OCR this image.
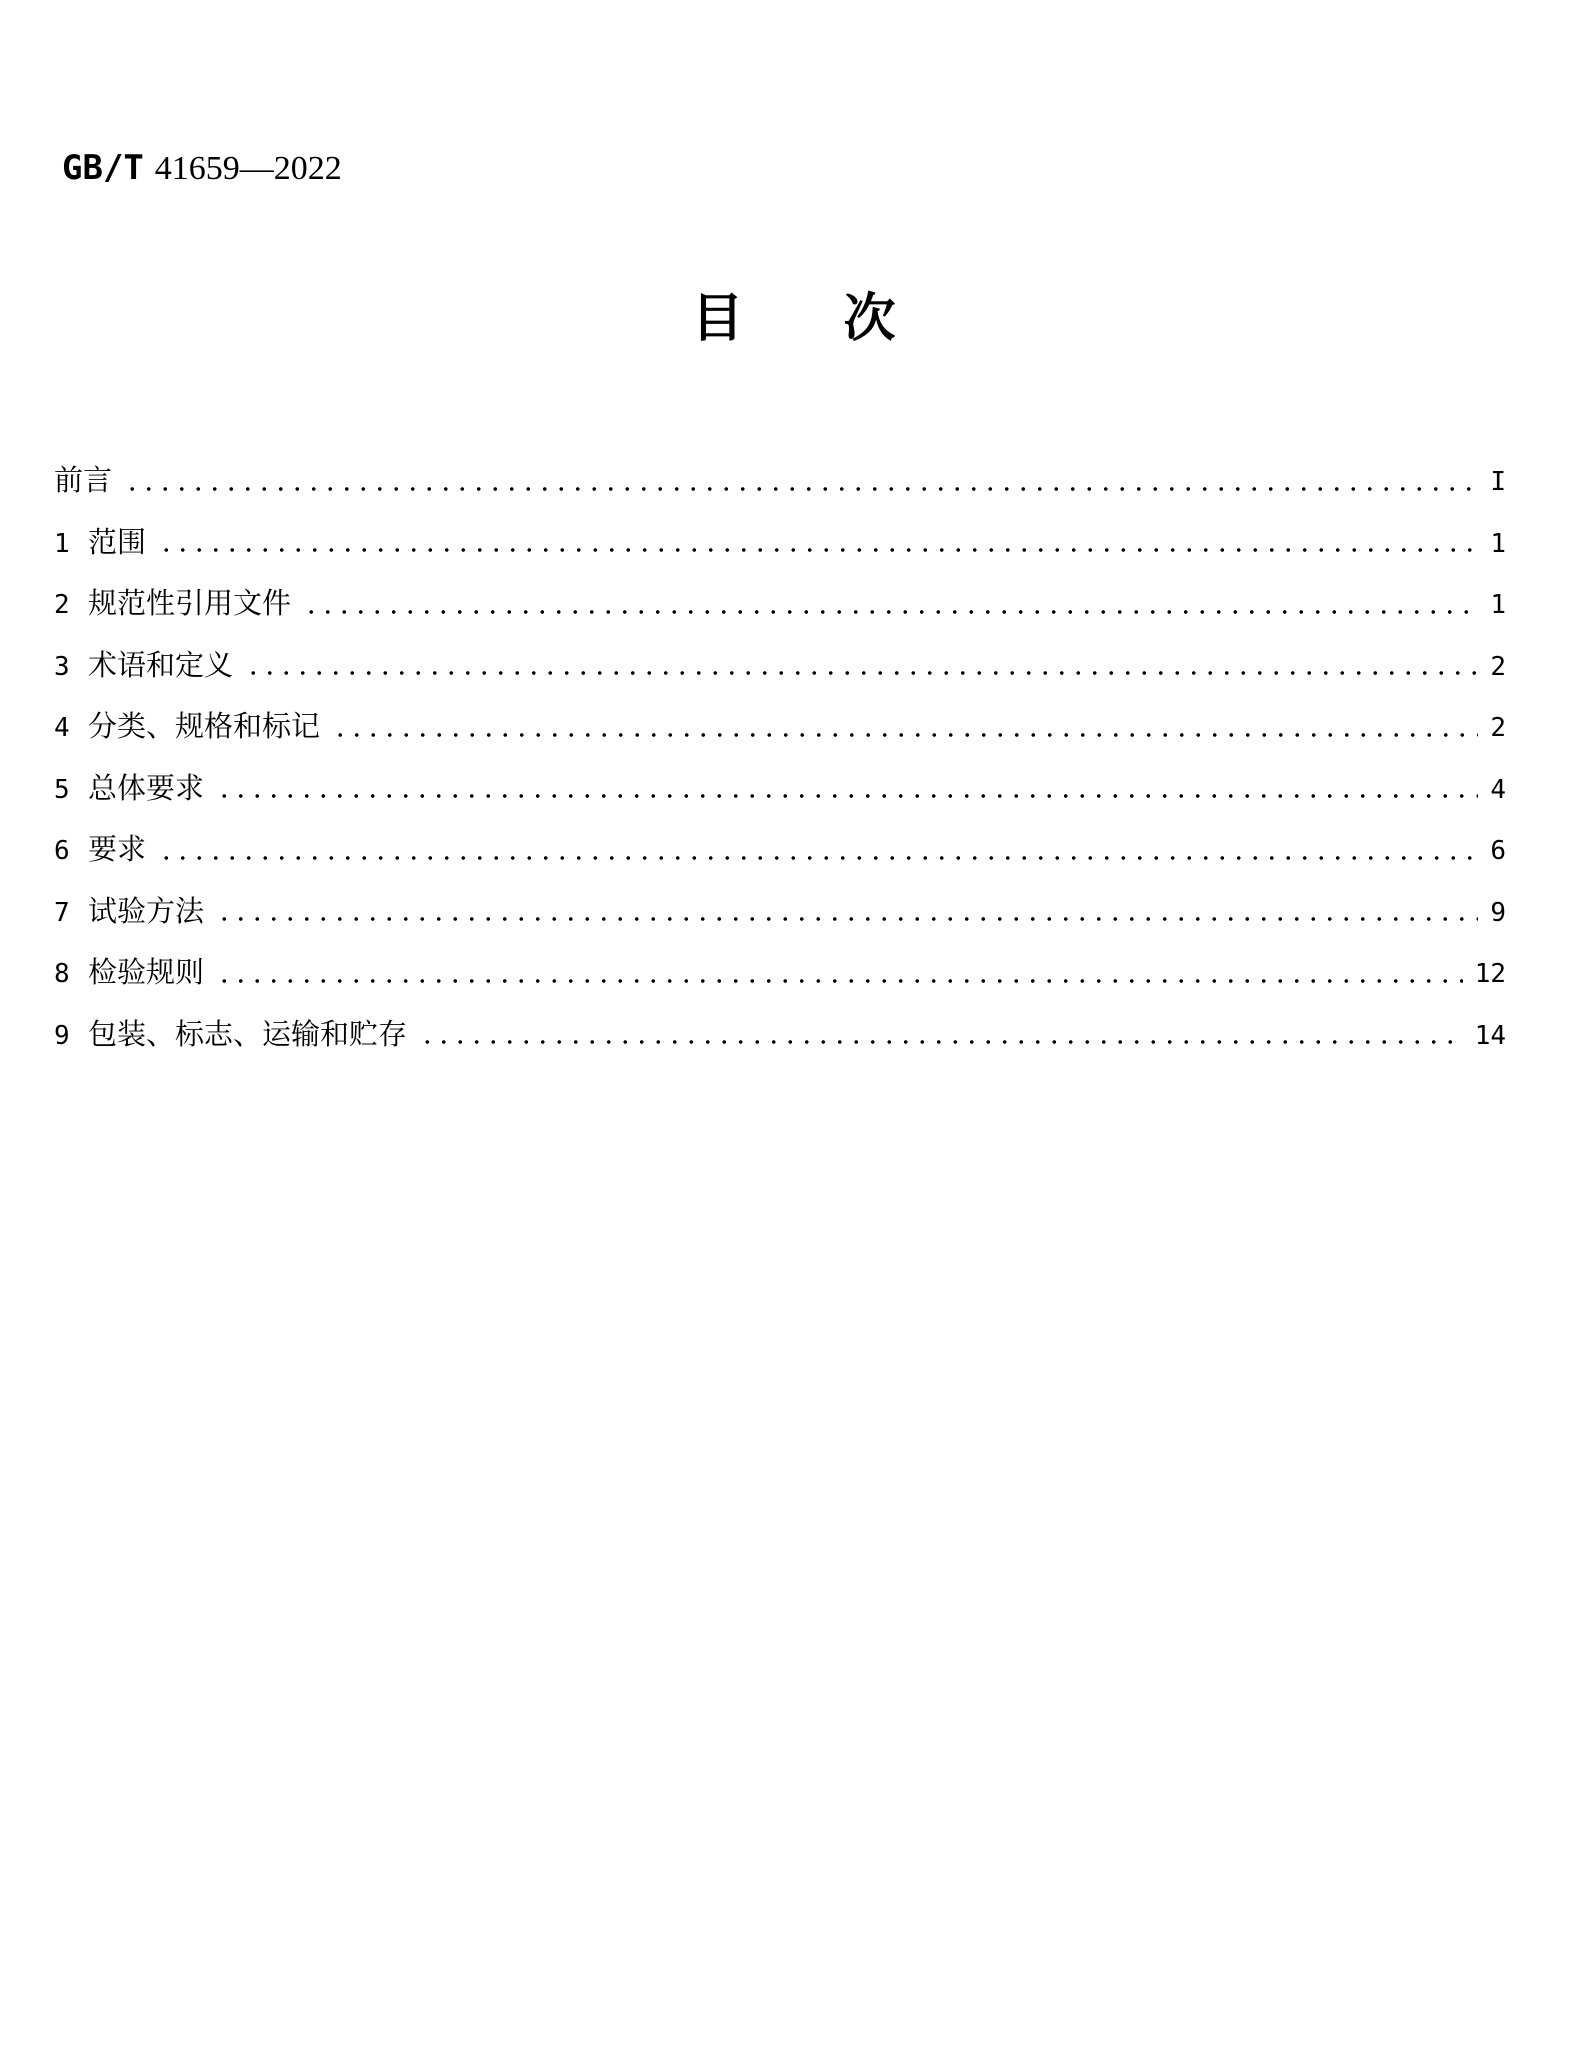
GB/T 41659—2022
目次
前言	I
1 范围	1
2 规范性引用文件	1
3 术语和定义	2
4 分类、规格和标记	2
5 总体要求	4
6 要求	6
7 试验方法	9
8 检验规则	12
9 包装、标志、运输和贮存	14
